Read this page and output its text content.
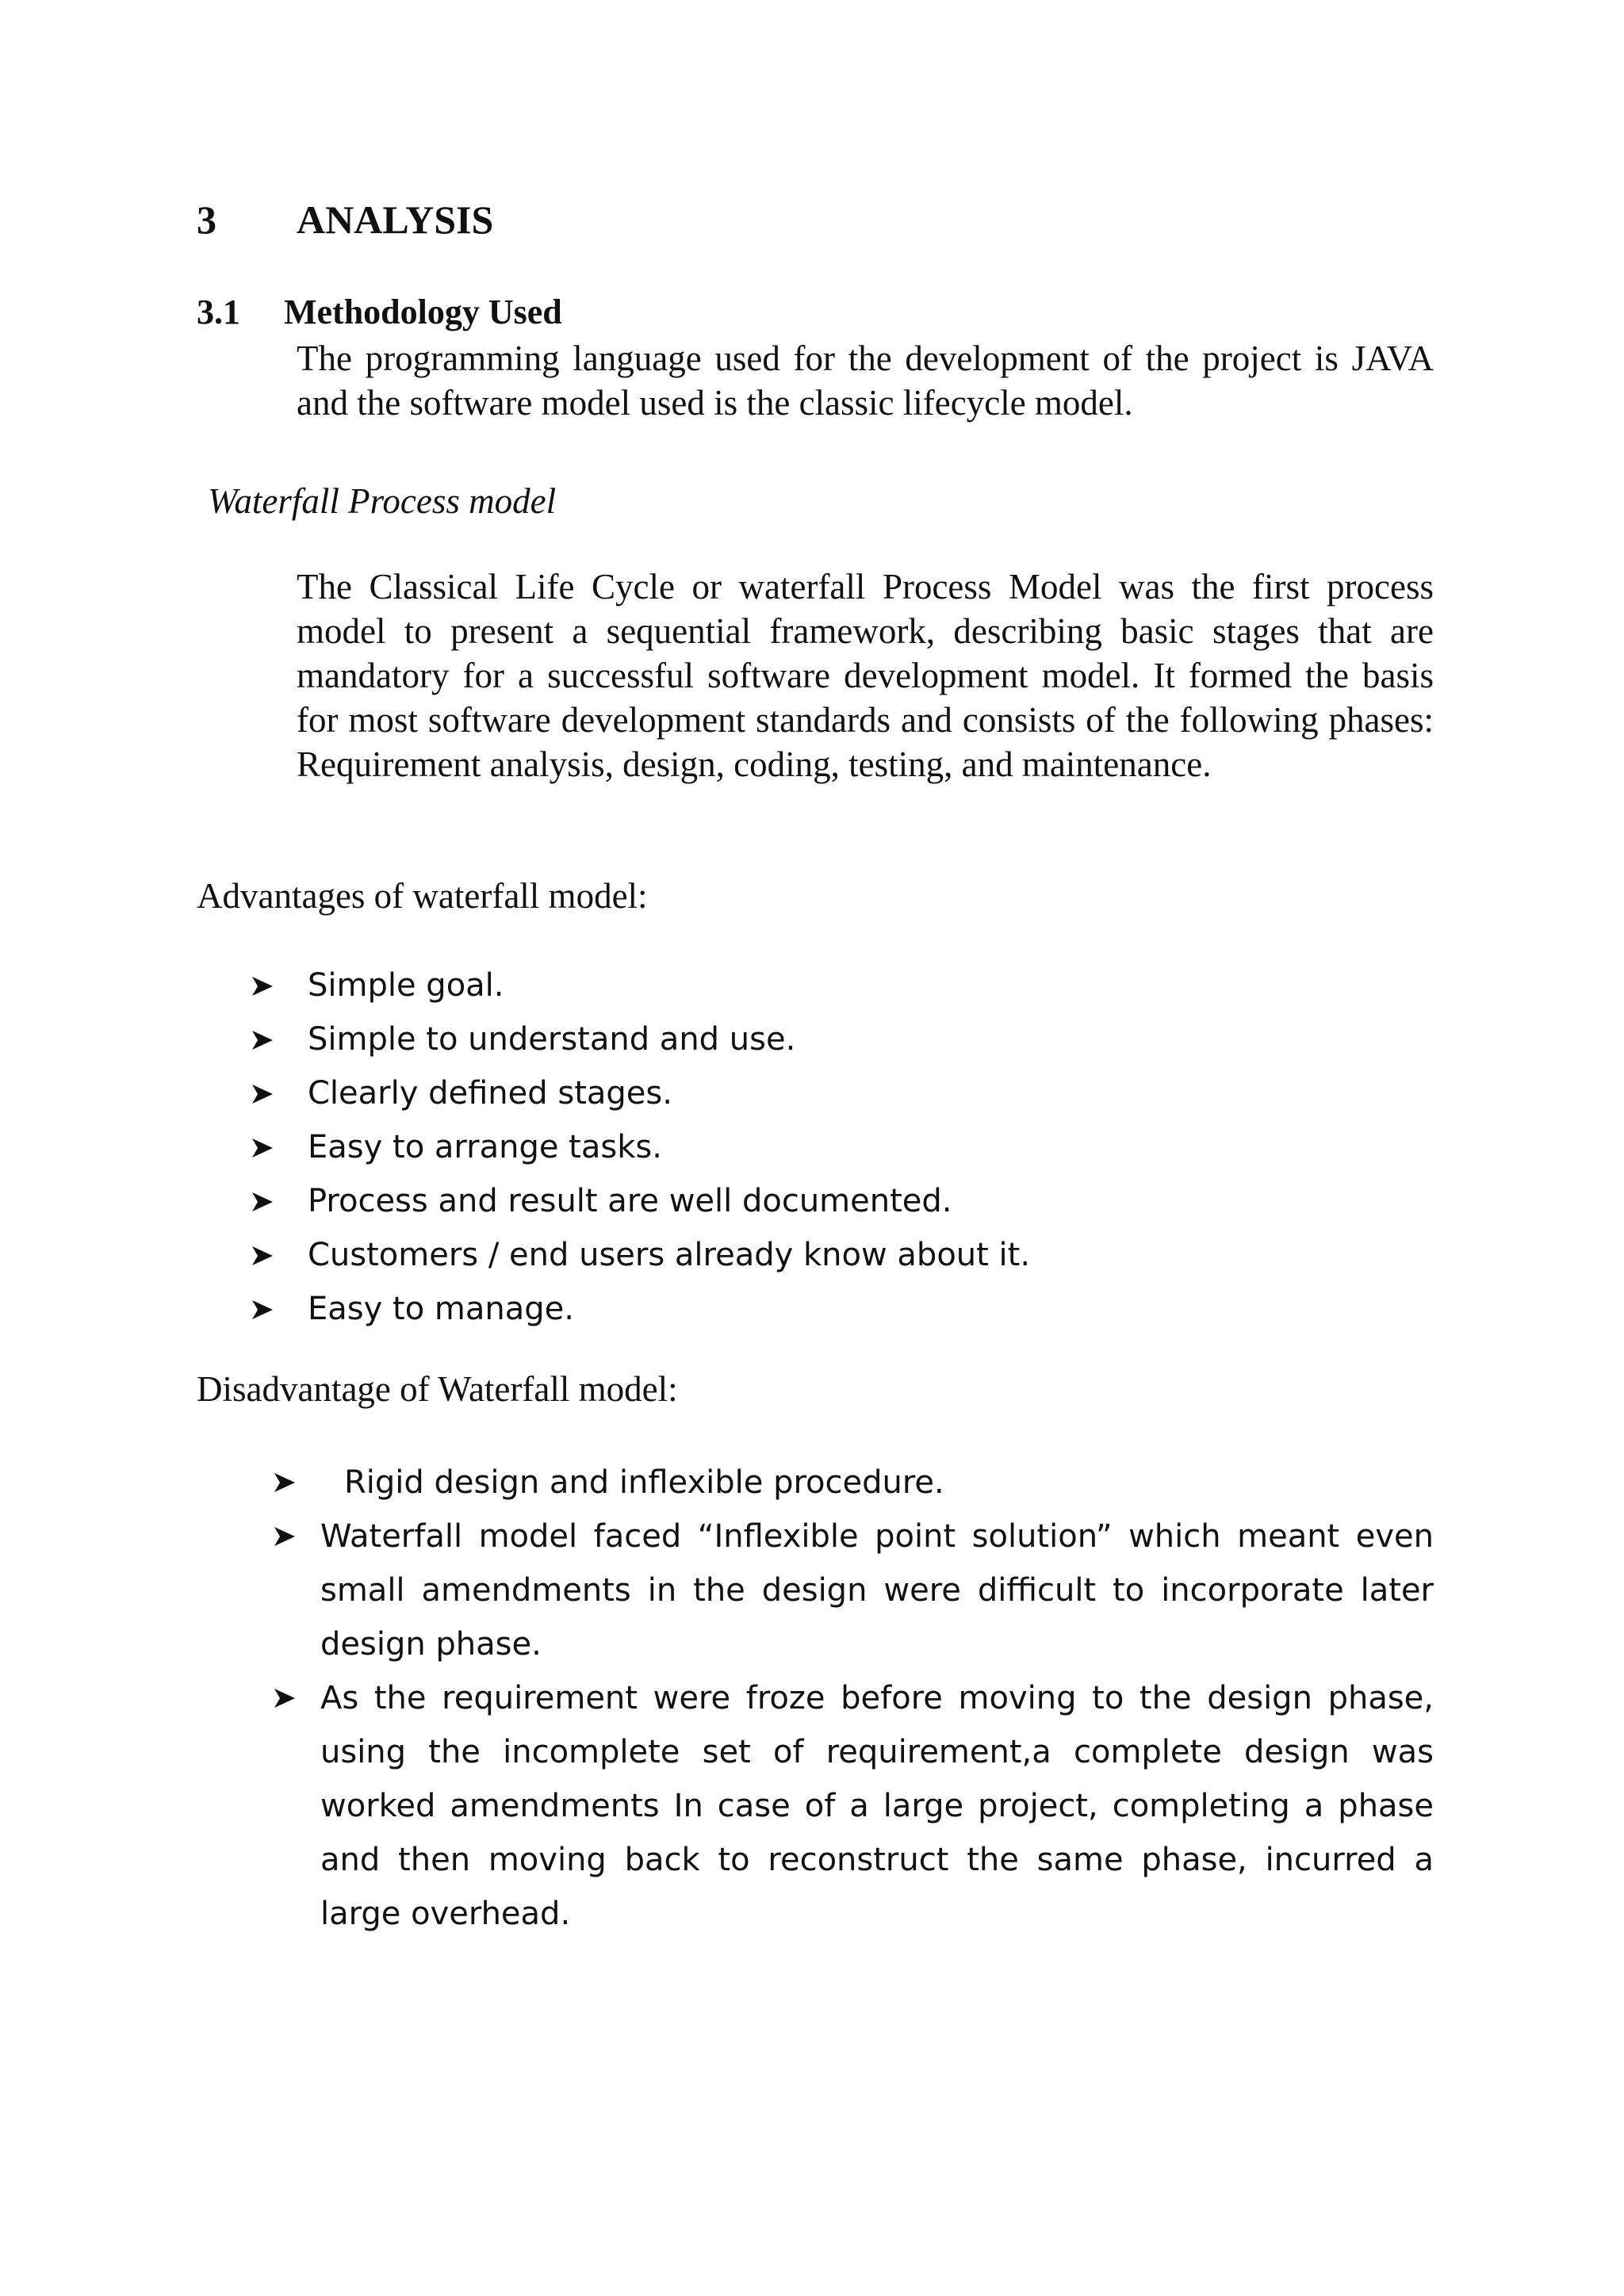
3 ANALYSIS
3.1 Methodology Used
The programming language used for the development of the project is JAVA and the software model used is the classic lifecycle model.
Waterfall Process model
The Classical Life Cycle or waterfall Process Model was the first process model to present a sequential framework, describing basic stages that are mandatory for a successful software development model. It formed the basis for most software development standards and consists of the following phases: Requirement analysis, design, coding, testing, and maintenance.
Advantages of waterfall model:
Simple goal.
Simple to understand and use.
Clearly defined stages.
Easy to arrange tasks.
Process and result are well documented.
Customers / end users already know about it.
Easy to manage.
Disadvantage of Waterfall model:
Rigid design and inflexible procedure.
Waterfall model faced “Inflexible point solution” which meant even small amendments in the design were difficult to incorporate later design phase.
As the requirement were froze before moving to the design phase, using the incomplete set of requirement,a complete design was worked amendments In case of a large project, completing a phase and then moving back to reconstruct the same phase, incurred a large overhead.
